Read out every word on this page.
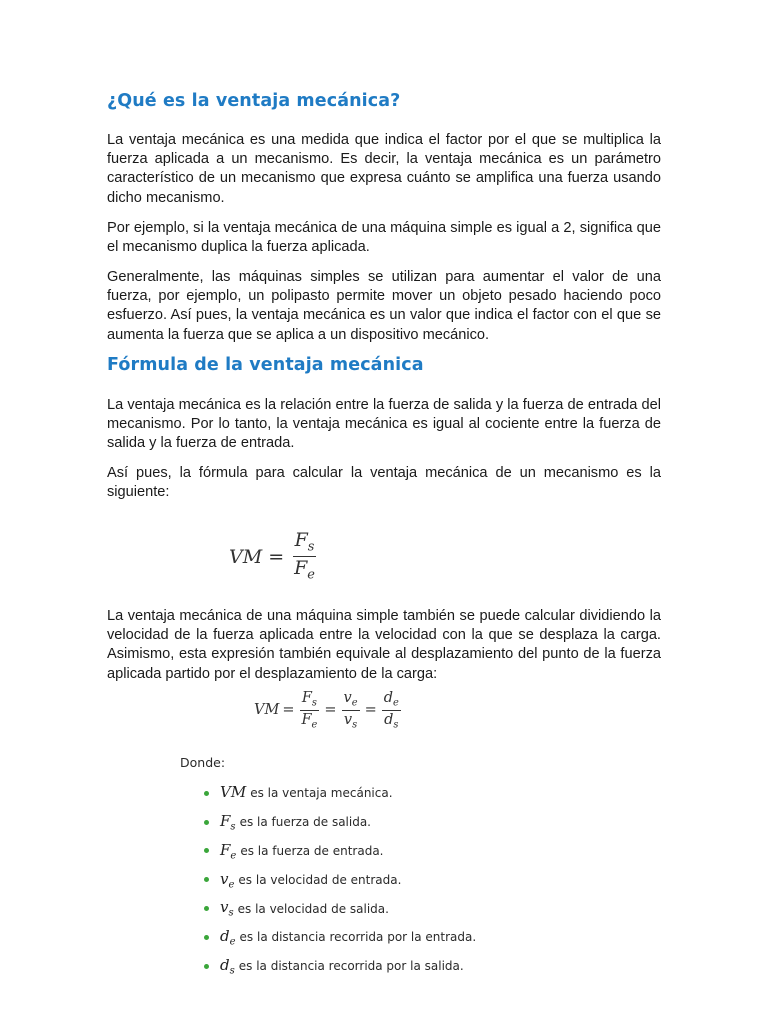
¿Qué es la ventaja mecánica?

La ventaja mecánica es una medida que indica el factor por el que se multiplica la fuerza aplicada a un mecanismo. Es decir, la ventaja mecánica es un parámetro característico de un mecanismo que expresa cuánto se amplifica una fuerza usando dicho mecanismo.

Por ejemplo, si la ventaja mecánica de una máquina simple es igual a 2, significa que el mecanismo duplica la fuerza aplicada.

Generalmente, las máquinas simples se utilizan para aumentar el valor de una fuerza, por ejemplo, un polipasto permite mover un objeto pesado haciendo poco esfuerzo. Así pues, la ventaja mecánica es un valor que indica el factor con el que se aumenta la fuerza que se aplica a un dispositivo mecánico.

Fórmula de la ventaja mecánica

La ventaja mecánica es la relación entre la fuerza de salida y la fuerza de entrada del mecanismo. Por lo tanto, la ventaja mecánica es igual al cociente entre la fuerza de salida y la fuerza de entrada.

Así pues, la fórmula para calcular la ventaja mecánica de un mecanismo es la siguiente:

La ventaja mecánica de una máquina simple también se puede calcular dividiendo la velocidad de la fuerza aplicada entre la velocidad con la que se desplaza la carga. Asimismo, esta expresión también equivale al desplazamiento del punto de la fuerza aplicada partido por el desplazamiento de la carga:

VM = $\frac{F_s}{F_e}$
VM = $\frac{F_s}{F_e} = \frac{v_e}{v_s} = \frac{d_e}{d_s}$
Donde:
VM es la ventaja mecánica.
$F_s$ es la fuerza de salida.
$F_e$ es la fuerza de entrada.
$v_e$ es la velocidad de entrada.
$v_s$ es la velocidad de salida.
$d_e$ es la distancia recorrida por la entrada.
$d_s$ es la distancia recorrida por la salida.
